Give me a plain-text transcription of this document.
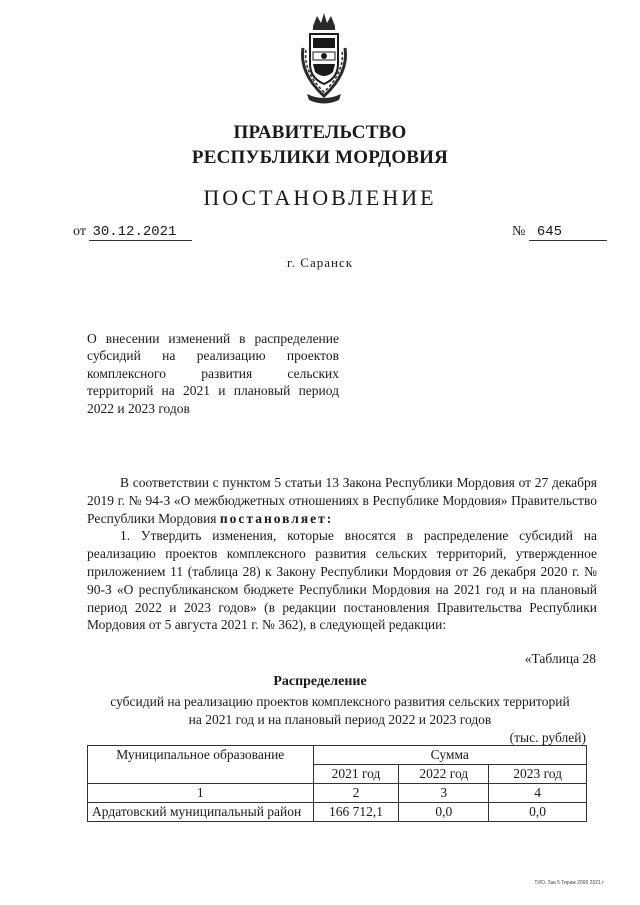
ПРАВИТЕЛЬСТВО
РЕСПУБЛИКИ МОРДОВИЯ
ПОСТАНОВЛЕНИЕ
от 30.12.2021	№ 645
г. Саранск
О внесении изменений в распределение субсидий на реализацию проектов комплексного развития сельских территорий на 2021 и плановый период 2022 и 2023 годов

В соответствии с пунктом 5 статьи 13 Закона Республики Мордовия от 27 декабря 2019 г. № 94-З «О межбюджетных отношениях в Республике Мордовия» Правительство Республики Мордовия постановляет:

1. Утвердить изменения, которые вносятся в распределение субсидий на реализацию проектов комплексного развития сельских территорий, утвержденное приложением 11 (таблица 28) к Закону Республики Мордовия от 26 декабря 2020 г. № 90-З «О республиканском бюджете Республики Мордовия на 2021 год и на плановый период 2022 и 2023 годов» (в редакции постановления Правительства Республики Мордовия от 5 августа 2021 г. № 362), в следующей редакции:

«Таблица 28
Распределение
субсидий на реализацию проектов комплексного развития сельских территорий на 2021 год и на плановый период 2022 и 2023 годов
(тыс. рублей)
Муниципальное образование	Сумма		
	2021 год	2022 год	2023 год
1	2	3	4
Ардатовский муниципальный район	166 712,1	0,0	0,0
ТИО. Зак 5 Тираж 2000 2021 г
